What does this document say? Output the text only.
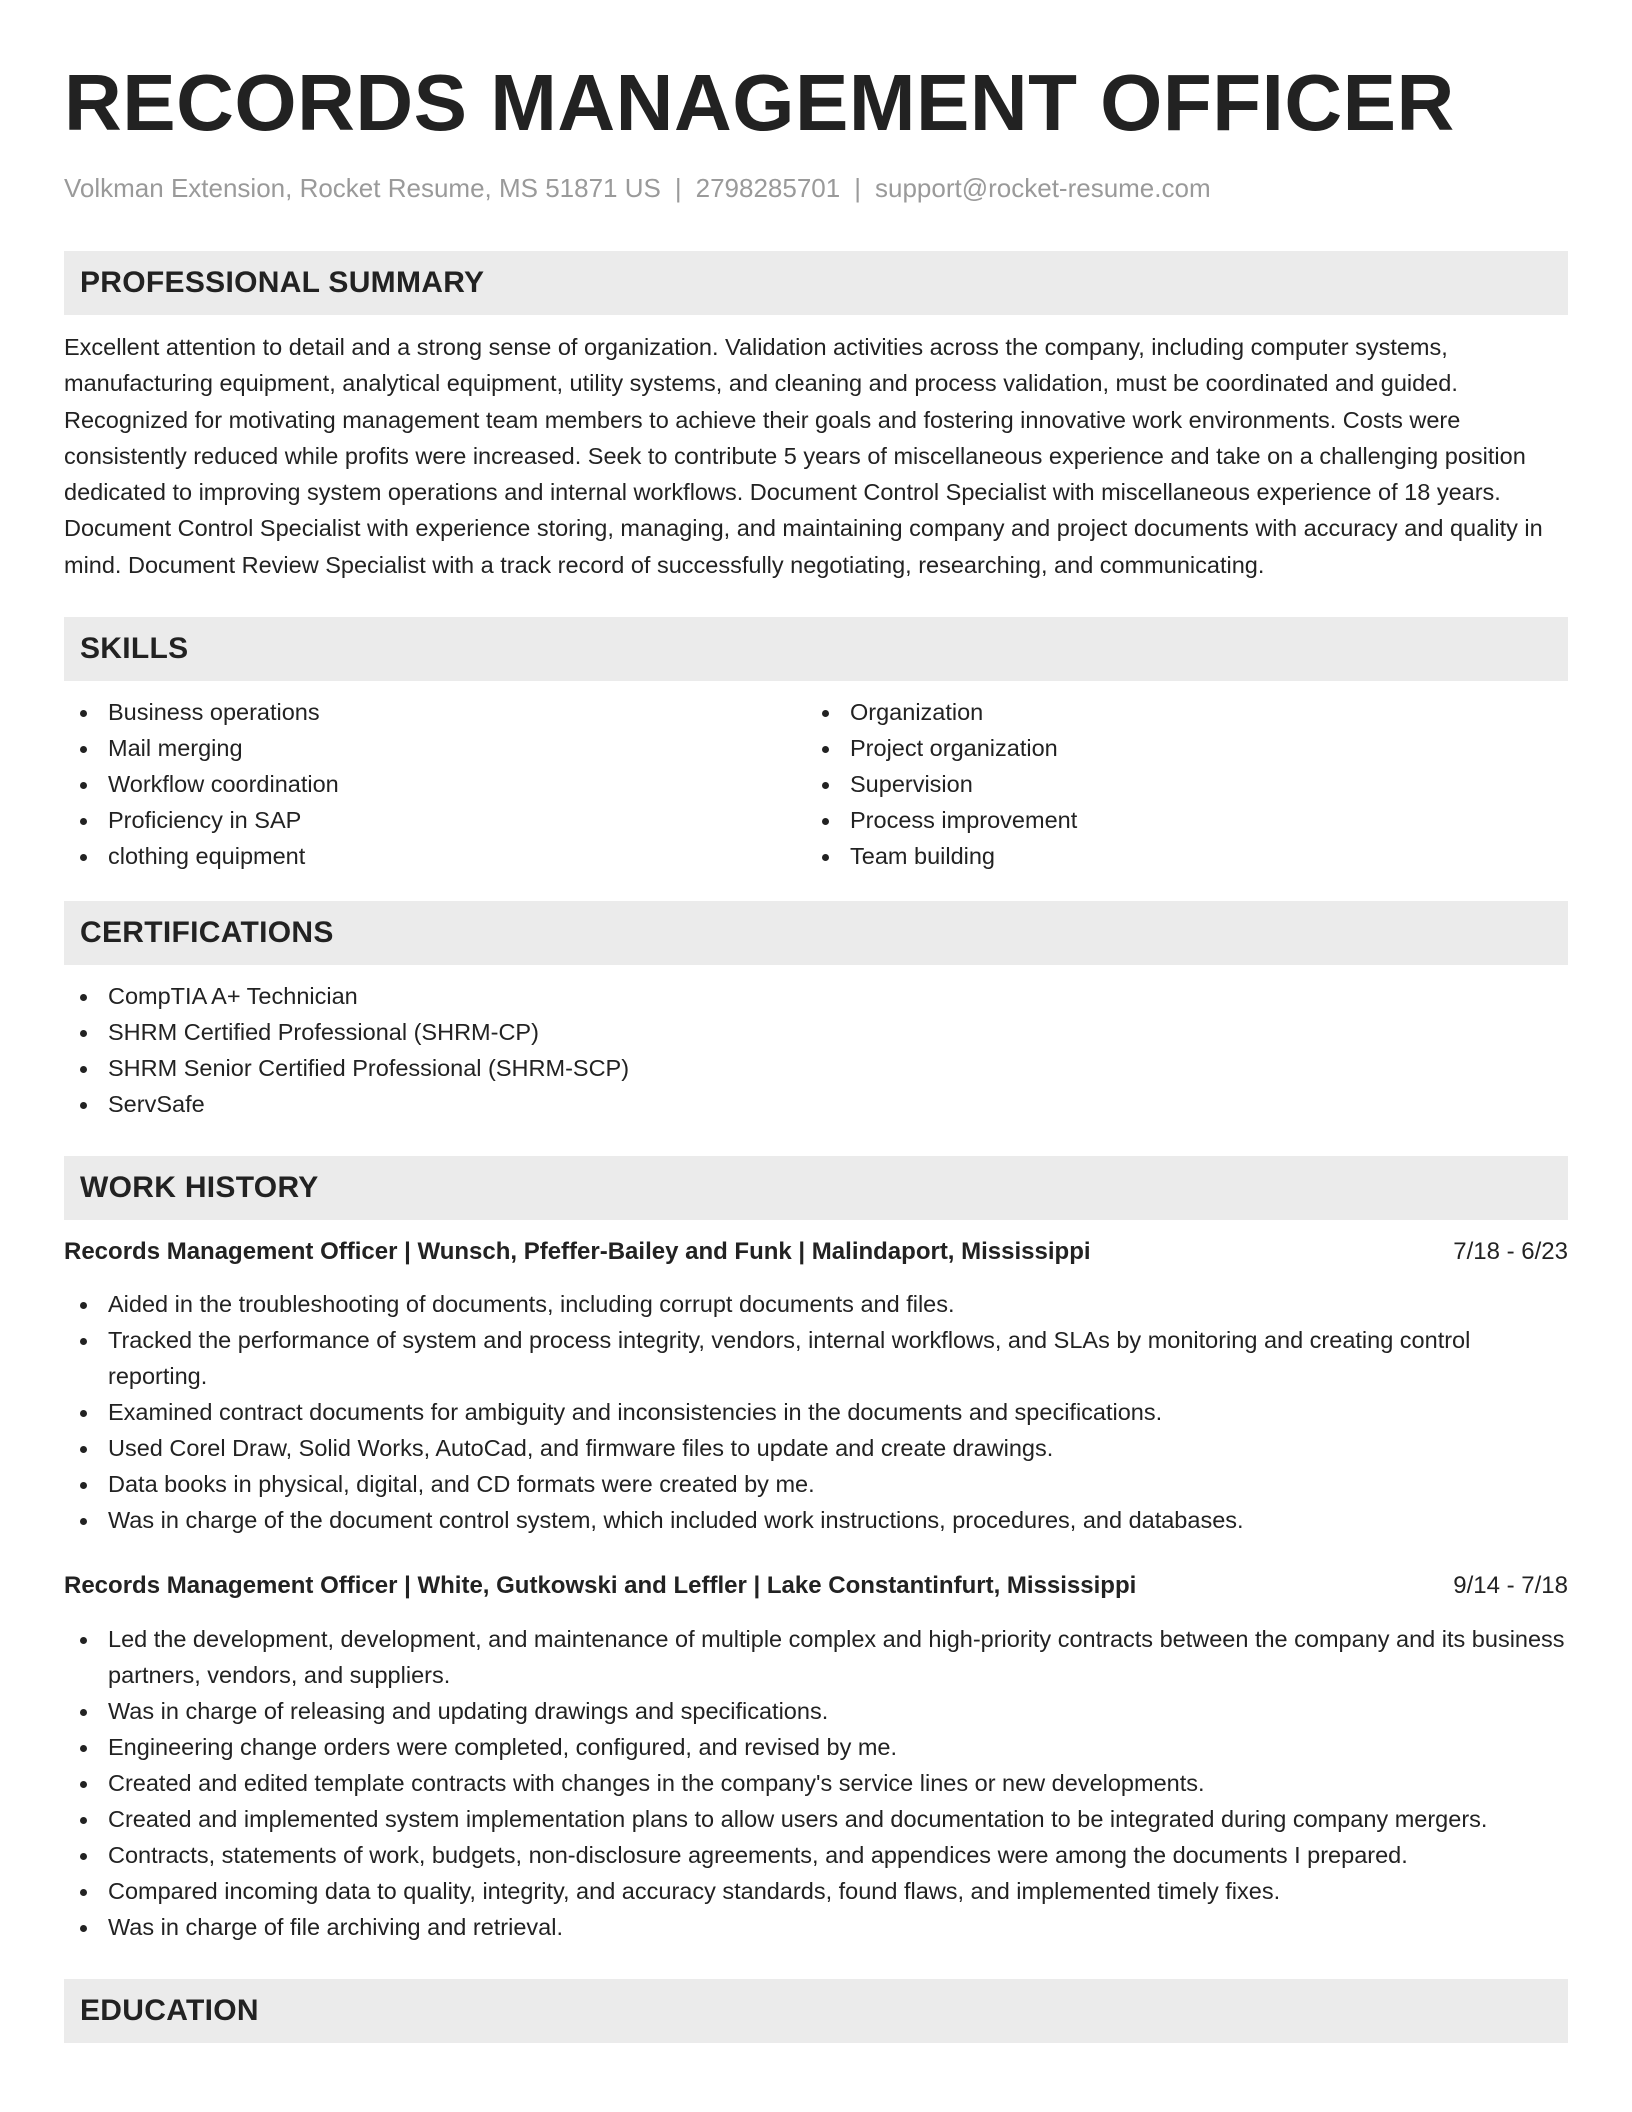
RECORDS MANAGEMENT OFFICER
Volkman Extension, Rocket Resume, MS 51871 US | 2798285701 | support@rocket-resume.com
PROFESSIONAL SUMMARY

Excellent attention to detail and a strong sense of organization. Validation activities across the company, including computer systems, manufacturing equipment, analytical equipment, utility systems, and cleaning and process validation, must be coordinated and guided. Recognized for motivating management team members to achieve their goals and fostering innovative work environments. Costs were consistently reduced while profits were increased. Seek to contribute 5 years of miscellaneous experience and take on a challenging position dedicated to improving system operations and internal workflows. Document Control Specialist with miscellaneous experience of 18 years. Document Control Specialist with experience storing, managing, and maintaining company and project documents with accuracy and quality in mind. Document Review Specialist with a track record of successfully negotiating, researching, and communicating.

SKILLS
Business operations
Mail merging
Workflow coordination
Proficiency in SAP
clothing equipment
Organization
Project organization
Supervision
Process improvement
Team building
CERTIFICATIONS
CompTIA A+ Technician
SHRM Certified Professional (SHRM-CP)
SHRM Senior Certified Professional (SHRM-SCP)
ServSafe
WORK HISTORY
Records Management Officer | Wunsch, Pfeffer-Bailey and Funk | Malindaport, Mississippi	7/18 - 6/23
Aided in the troubleshooting of documents, including corrupt documents and files.
Tracked the performance of system and process integrity, vendors, internal workflows, and SLAs by monitoring and creating control reporting.
Examined contract documents for ambiguity and inconsistencies in the documents and specifications.
Used Corel Draw, Solid Works, AutoCad, and firmware files to update and create drawings.
Data books in physical, digital, and CD formats were created by me.
Was in charge of the document control system, which included work instructions, procedures, and databases.
Records Management Officer | White, Gutkowski and Leffler | Lake Constantinfurt, Mississippi	9/14 - 7/18
Led the development, development, and maintenance of multiple complex and high-priority contracts between the company and its business partners, vendors, and suppliers.
Was in charge of releasing and updating drawings and specifications.
Engineering change orders were completed, configured, and revised by me.
Created and edited template contracts with changes in the company's service lines or new developments.
Created and implemented system implementation plans to allow users and documentation to be integrated during company mergers.
Contracts, statements of work, budgets, non-disclosure agreements, and appendices were among the documents I prepared.
Compared incoming data to quality, integrity, and accuracy standards, found flaws, and implemented timely fixes.
Was in charge of file archiving and retrieval.
EDUCATION
